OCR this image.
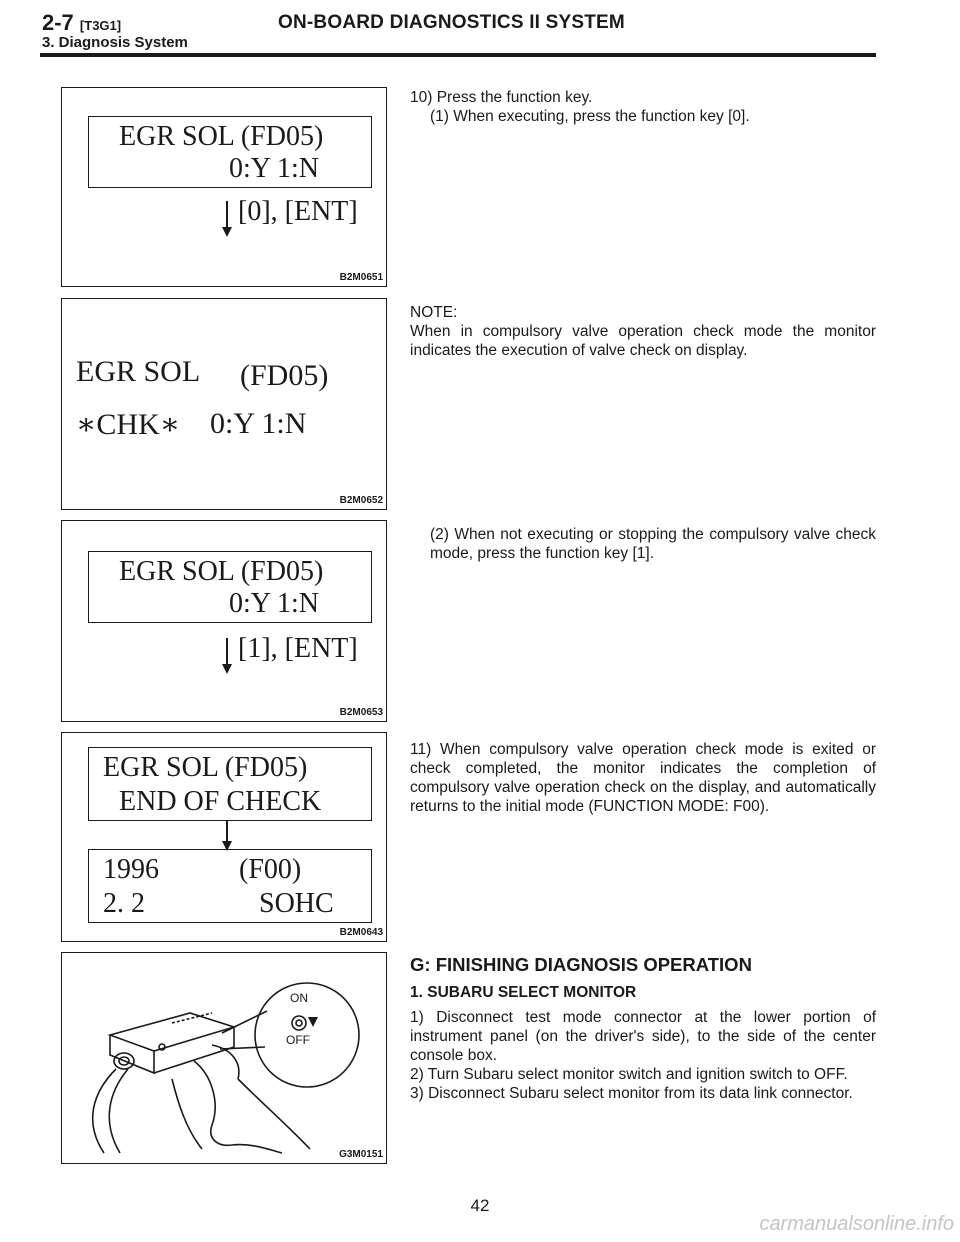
2-7 [T3G1]	ON-BOARD DIAGNOSTICS II SYSTEM
3. Diagnosis System
EGR SOL (FD05)
0:Y 1:N
[0], [ENT]
B2M0651
EGR SOL (FD05)
∗CHK∗ 0:Y 1:N
B2M0652
EGR SOL (FD05)
0:Y 1:N
[1], [ENT]
B2M0653
EGR SOL (FD05)
END OF CHECK
1996	(F00)
2. 2	SOHC
B2M0643
ON
OFF
G3M0151

10) Press the function key.

(1) When executing, press the function key [0].

NOTE:

When in compulsory valve operation check mode the monitor indicates the execution of valve check on display.

(2) When not executing or stopping the compulsory valve check mode, press the function key [1].

11) When compulsory valve operation check mode is exited or check completed, the monitor indicates the completion of compulsory valve operation check on the display, and automatically returns to the initial mode (FUNCTION MODE: F00).

G: FINISHING DIAGNOSIS OPERATION
1. SUBARU SELECT MONITOR

1) Disconnect test mode connector at the lower portion of instrument panel (on the driver's side), to the side of the center console box.

2) Turn Subaru select monitor switch and ignition switch to OFF.

3) Disconnect Subaru select monitor from its data link connector.

42
carmanualsonline.info
